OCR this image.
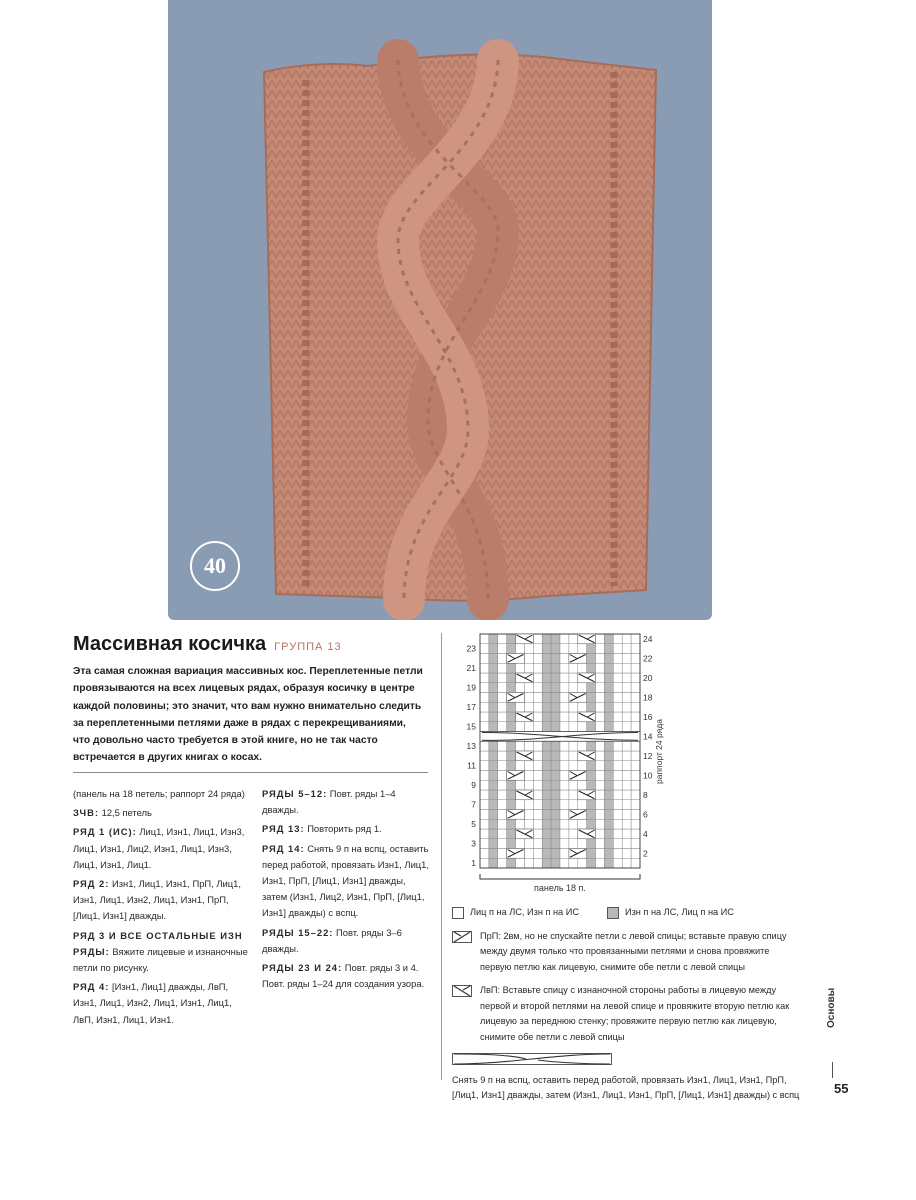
40
Массивная косичка ГРУППА 13
Эта самая сложная вариация массивных кос. Переплетенные петли провязываются на всех лицевых рядах, образуя косичку в центре каждой половины; это значит, что вам нужно внимательно следить за переплетенными петлями даже в рядах с перекрещиваниями, что довольно часто требуется в этой книге, но не так часто встречается в других книгах о косах.

(панель на 18 петель; раппорт 24 ряда)

ЗЧВ: 12,5 петель

РЯД 1 (ИС): Лиц1, Изн1, Лиц1, Изн3, Лиц1, Изн1, Лиц2, Изн1, Лиц1, Изн3, Лиц1, Изн1, Лиц1.

РЯД 2: Изн1, Лиц1, Изн1, ПрП, Лиц1, Изн1, Лиц1, Изн2, Лиц1, Изн1, ПрП, [Лиц1, Изн1] дважды.

РЯД 3 И ВСЕ ОСТАЛЬНЫЕ ИЗН РЯДЫ: Вяжите лицевые и изнаночные петли по рисунку.

РЯД 4: [Изн1, Лиц1] дважды, ЛвП, Изн1, Лиц1, Изн2, Лиц1, Изн1, Лиц1, ЛвП, Изн1, Лиц1, Изн1.

РЯДЫ 5–12: Повт. ряды 1–4 дважды.

РЯД 13: Повторить ряд 1.

РЯД 14: Снять 9 п на вспц, оставить перед работой, провязать Изн1, Лиц1, Изн1, ПрП, [Лиц1, Изн1] дважды, затем (Изн1, Лиц2, Изн1, ПрП, [Лиц1, Изн1] дважды) с вспц.

РЯДЫ 15–22: Повт. ряды 3–6 дважды.

РЯДЫ 23 И 24: Повт. ряды 3 и 4. Повт. ряды 1–24 для создания узора.

24
22
20
18
16
14
12
10
8
6
4
2
23
21
19
17
15
13
11
9
7
5
3
1
раппорт 24 ряда
панель 18 п.
Лиц п на ЛС, Изн п на ИС	Изн п на ЛС, Лиц п на ИС
ПрП: 2вм, но не спускайте петли с левой спицы; вставьте правую спицу между двумя только что провязанными петлями и снова провяжите первую петлю как лицевую, снимите обе петли с левой спицы
ЛвП: Вставьте спицу с изнаночной стороны работы в лицевую между первой и второй петлями на левой спице и провяжите вторую петлю как лицевую за переднюю стенку; провяжите первую петлю как лицевую, снимите обе петли с левой спицы
Снять 9 п на вспц, оставить перед работой, провязать Изн1, Лиц1, Изн1, ПрП, [Лиц1, Изн1] дважды, затем (Изн1, Лиц1, Изн1, ПрП, [Лиц1, Изн1] дважды) с вспц
Основы
55
